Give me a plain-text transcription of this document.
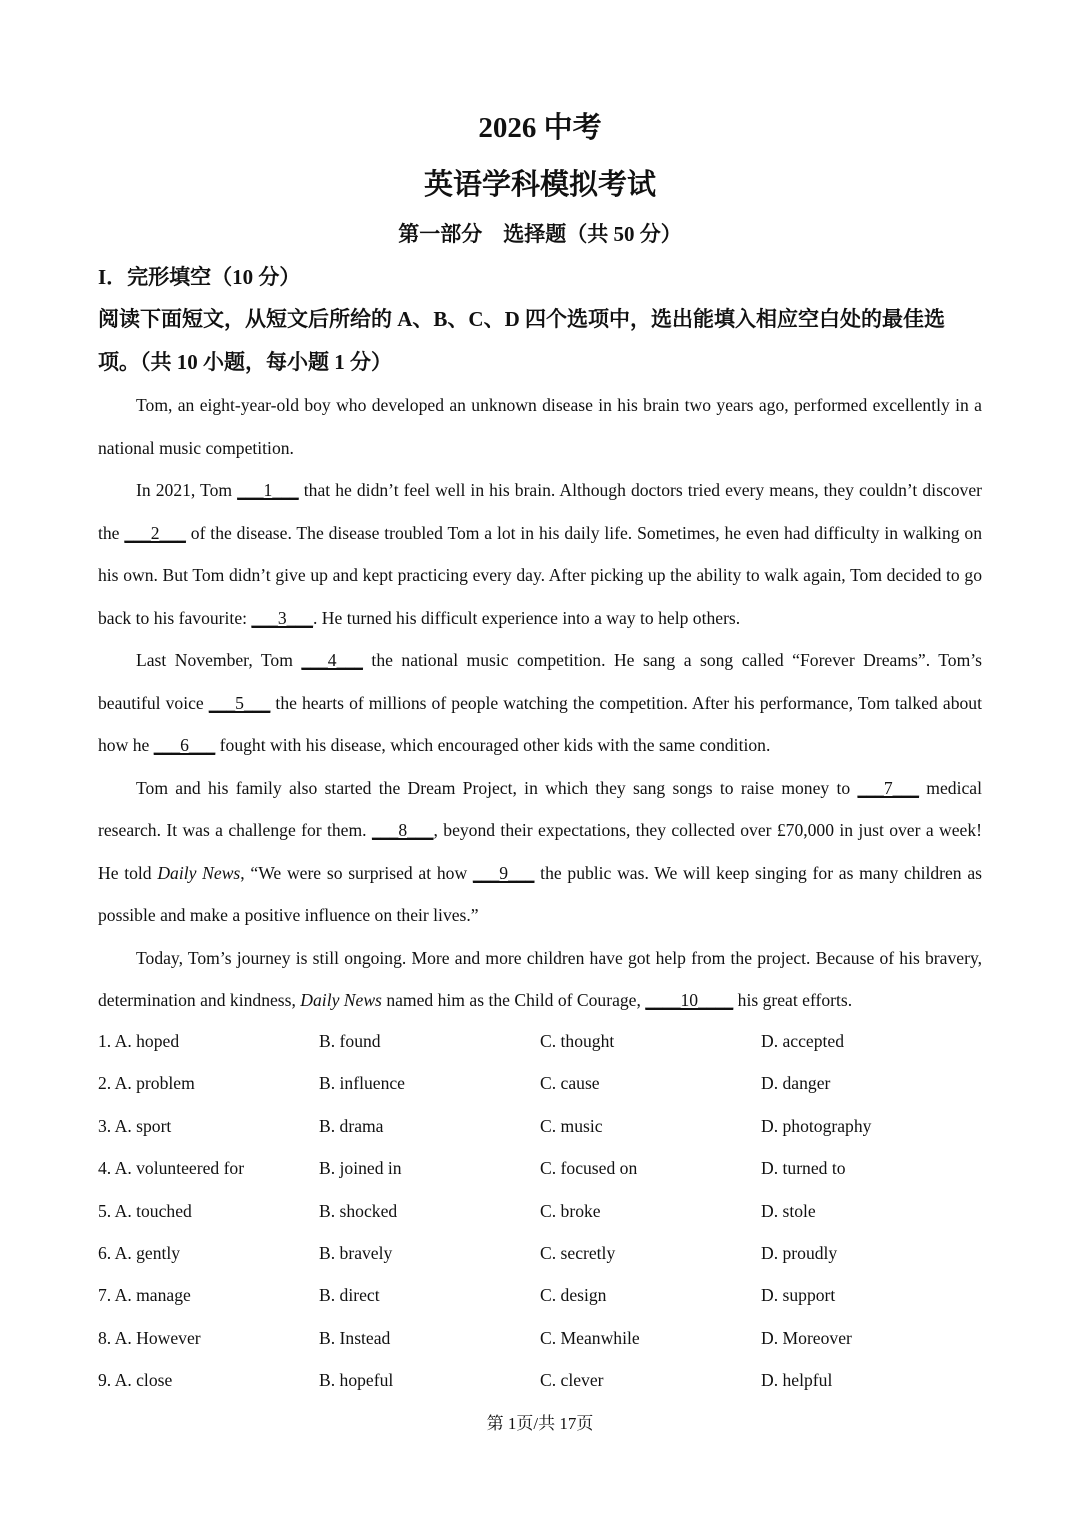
2026 中考
英语学科模拟考试
第一部分　选择题（共 50 分）
I．完形填空（10 分）
阅读下面短文，从短文后所给的 A、B、C、D 四个选项中，选出能填入相应空白处的最佳选
项。（共 10 小题，每小题 1 分）

Tom, an eight-year-old boy who developed an unknown disease in his brain two years ago, performed excellently in a national music competition.

In 2021, Tom ___1___ that he didn’t feel well in his brain. Although doctors tried every means, they couldn’t discover the ___2___ of the disease. The disease troubled Tom a lot in his daily life. Sometimes, he even had difficulty in walking on his own. But Tom didn’t give up and kept practicing every day. After picking up the ability to walk again, Tom decided to go back to his favourite: ___3___. He turned his difficult experience into a way to help others.

Last November, Tom ___4___ the national music competition. He sang a song called “Forever Dreams”. Tom’s beautiful voice ___5___ the hearts of millions of people watching the competition. After his performance, Tom talked about how he ___6___ fought with his disease, which encouraged other kids with the same condition.

Tom and his family also started the Dream Project, in which they sang songs to raise money to ___7___ medical research. It was a challenge for them. ___8___, beyond their expectations, they collected over £70,000 in just over a week! He told Daily News, “We were so surprised at how ___9___ the public was. We will keep singing for as many children as possible and make a positive influence on their lives.”

Today, Tom’s journey is still ongoing. More and more children have got help from the project. Because of his bravery, determination and kindness, Daily News named him as the Child of Courage, ____10____ his great efforts.

1. A. hoped	B. found	C. thought	D. accepted
2. A. problem	B. influence	C. cause	D. danger
3. A. sport	B. drama	C. music	D. photography
4. A. volunteered for	B. joined in	C. focused on	D. turned to
5. A. touched	B. shocked	C. broke	D. stole
6. A. gently	B. bravely	C. secretly	D. proudly
7. A. manage	B. direct	C. design	D. support
8. A. However	B. Instead	C. Meanwhile	D. Moreover
9. A. close	B. hopeful	C. clever	D. helpful
第 1页/共 17页
